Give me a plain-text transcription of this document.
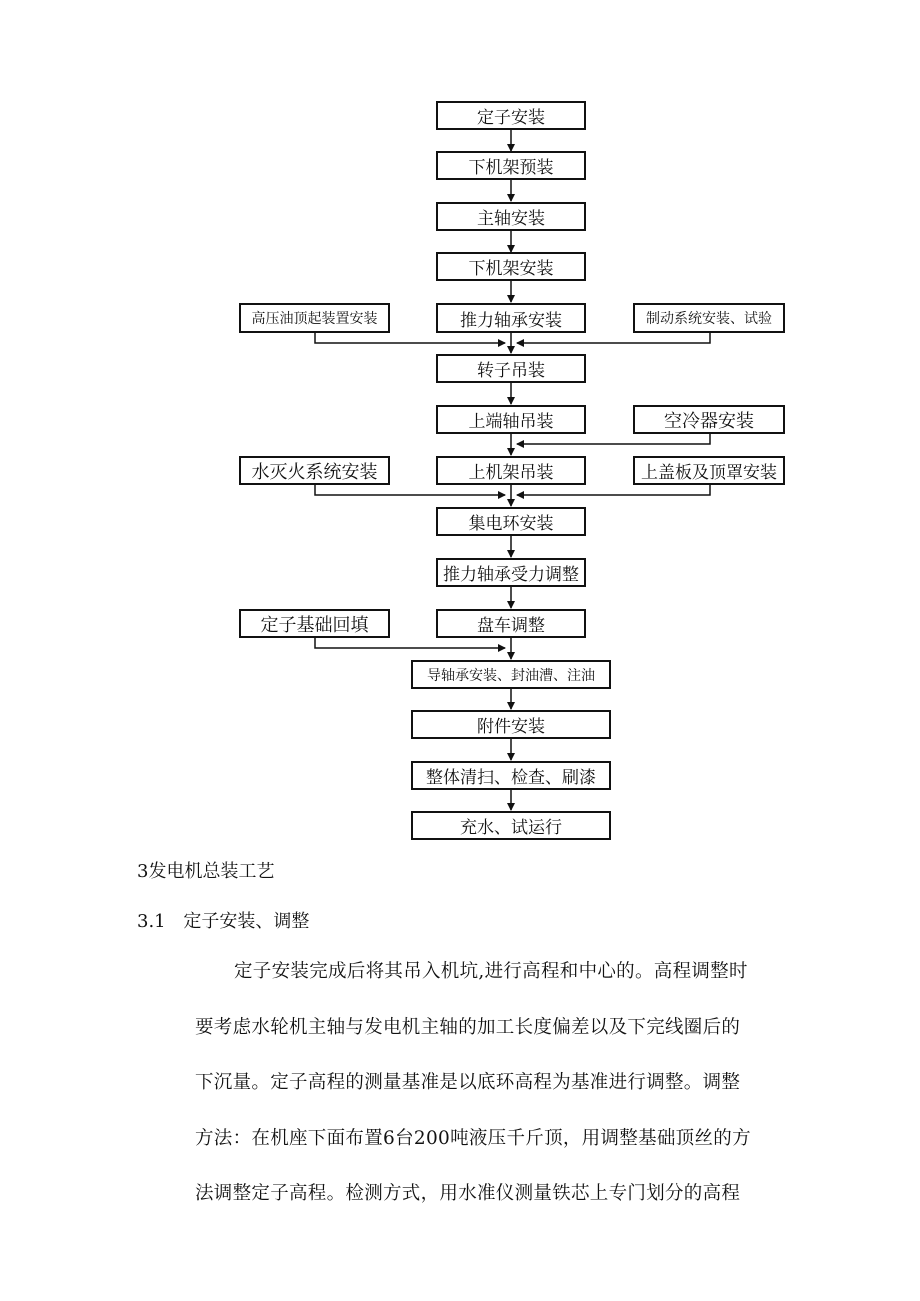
定子安装
下机架预装
主轴安装
下机架安装
推力轴承安装
转子吊装
上端轴吊装
上机架吊装
集电环安装
推力轴承受力调整
盘车调整
导轴承安装、封油漕、注油
附件安装
整体清扫、检查、刷漆
充水、试运行
高压油顶起装置安装	制动系统安装、试验
空冷器安装
水灭火系统安装	上盖板及顶罩安装
定子基础回填
3发电机总装工艺
3.1 定子安装、调整
定子安装完成后将其吊入机坑,进行高程和中心的。高程调整时
要考虑水轮机主轴与发电机主轴的加工长度偏差以及下完线圈后的
下沉量。定子高程的测量基准是以底环高程为基准进行调整。调整
方法：在机座下面布置6台200吨液压千斤顶，用调整基础顶丝的方
法调整定子高程。检测方式，用水准仪测量铁芯上专门划分的高程
